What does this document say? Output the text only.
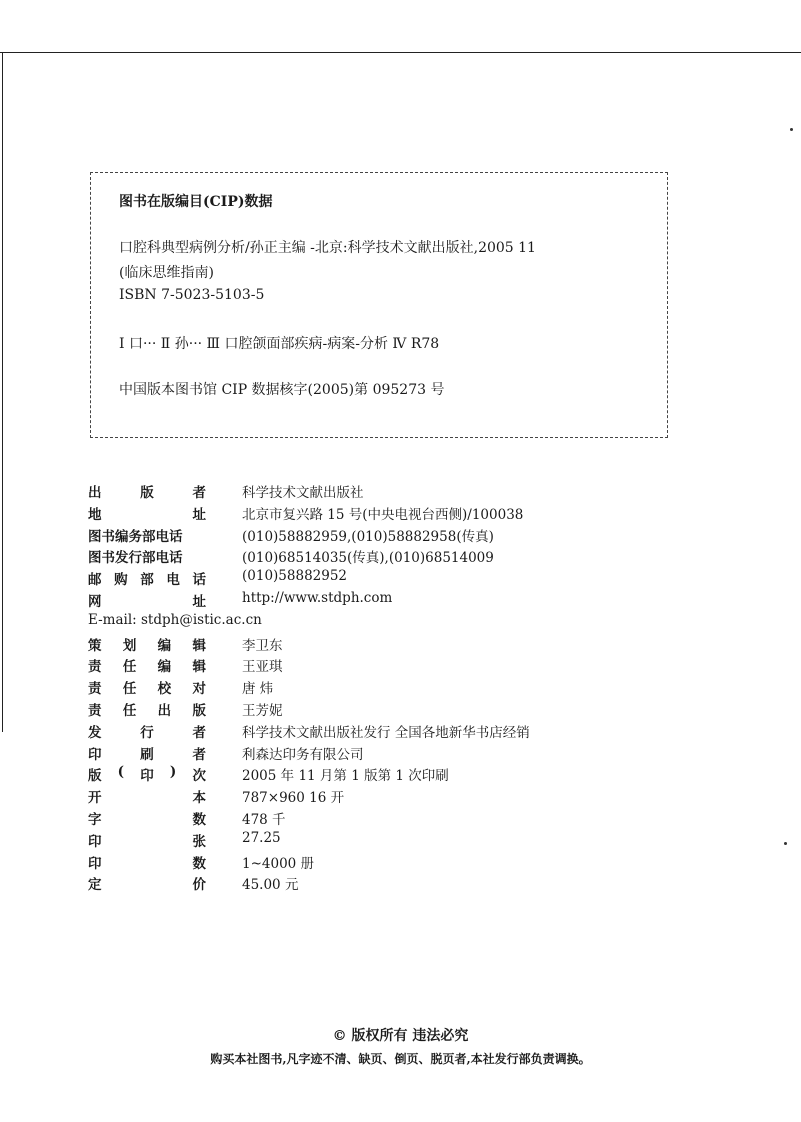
图书在版编目(CIP)数据
口腔科典型病例分析/孙正主编 -北京:科学技术文献出版社,2005 11
(临床思维指南)
ISBN 7-5023-5103-5
Ⅰ 口··· Ⅱ 孙··· Ⅲ 口腔颌面部疾病-病案-分析 Ⅳ R78
中国版本图书馆 CIP 数据核字(2005)第 095273 号
出	版	者	科学技术文献出版社
地	址	北京市复兴路 15 号(中央电视台西侧)/100038
图书编务部电话	(010)58882959,(010)58882958(传真)
图书发行部电话	(010)68514035(传真),(010)68514009
邮 购 部 电 话	(010)58882952
网	址	http://www.stdph.com
E-mail: stdph@istic.ac.cn
策 划 编 辑	李卫东
责 任 编 辑	王亚琪
责 任 校 对	唐 炜
责 任 出 版	王芳妮
发	行	者	科学技术文献出版社发行 全国各地新华书店经销
印	刷	者	利森达印务有限公司
版 ( 印 ) 次	2005 年 11 月第 1 版第 1 次印刷
开	本	787×960 16 开
字	数	478 千
印	张	27.25
印	数	1~4000 册
定	价	45.00 元
© 版权所有 违法必究
购买本社图书,凡字迹不清、缺页、倒页、脱页者,本社发行部负责调换。
